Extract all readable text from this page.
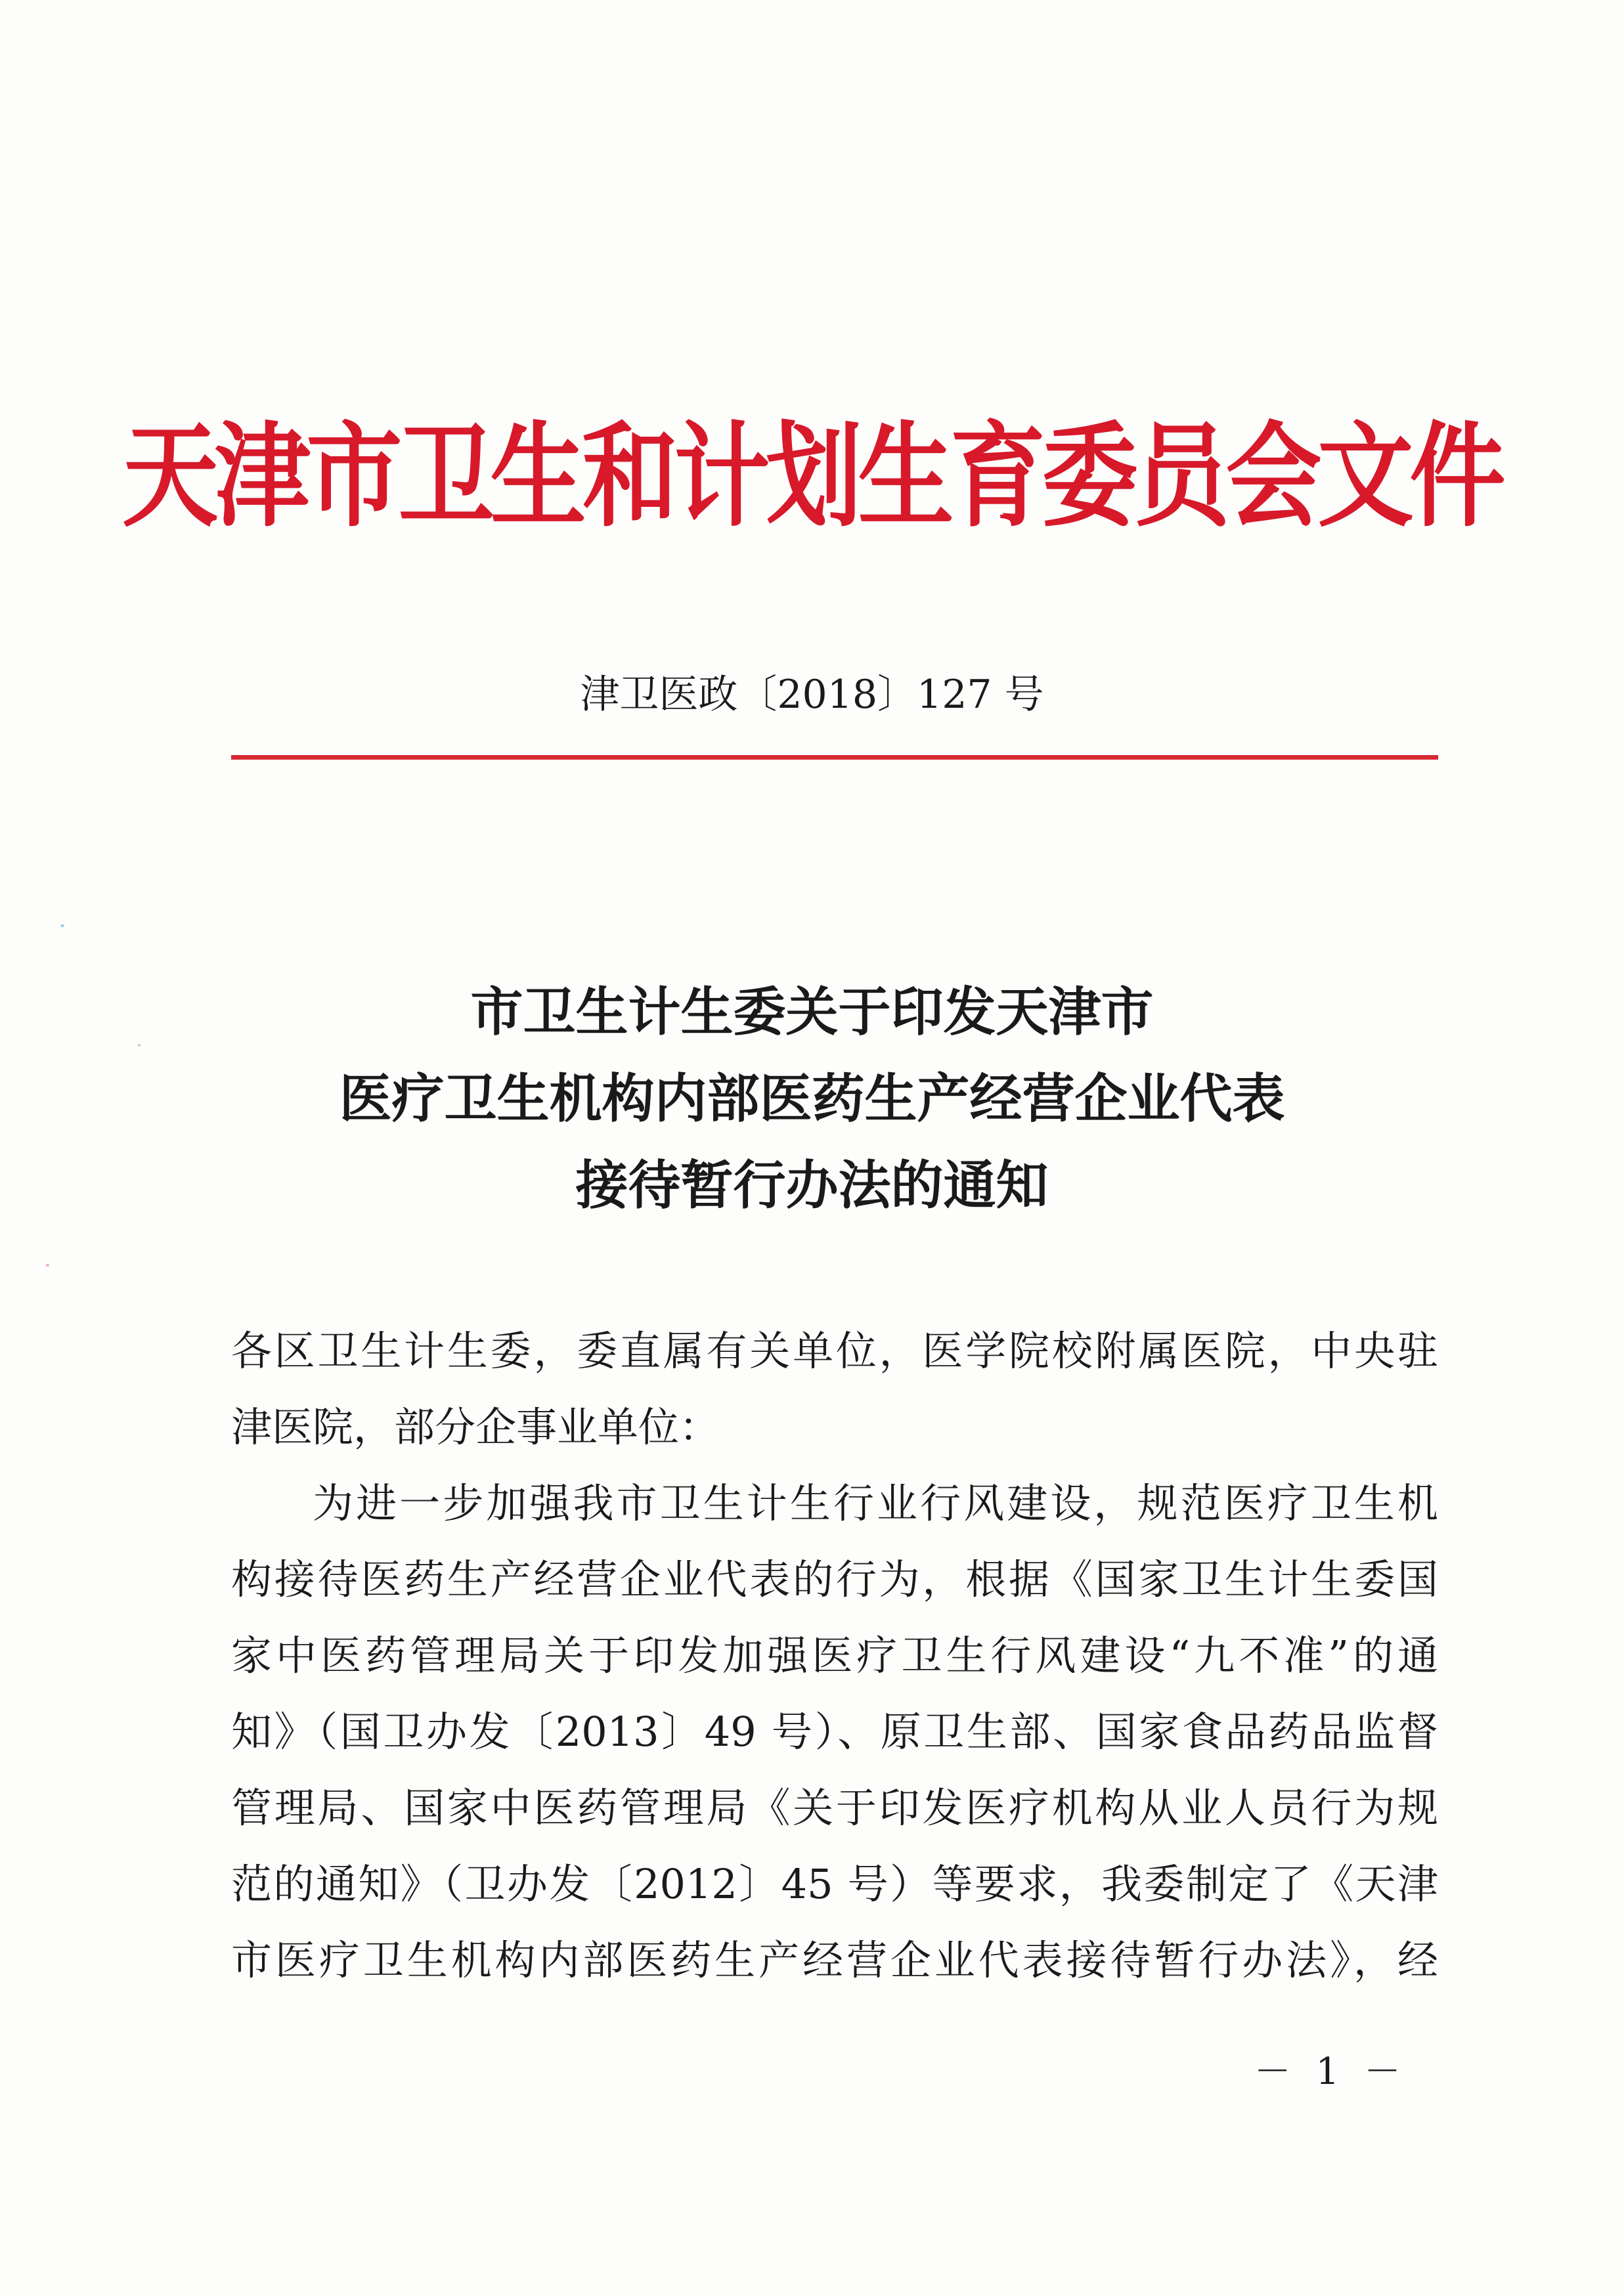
天津市卫生和计划生育委员会文件
津卫医政〔2018〕127 号
市卫生计生委关于印发天津市
医疗卫生机构内部医药生产经营企业代表
接待暂行办法的通知
各区卫生计生委，委直属有关单位，医学院校附属医院，中央驻
津医院，部分企事业单位：
为进一步加强我市卫生计生行业行风建设，规范医疗卫生机
构接待医药生产经营企业代表的行为，根据《国家卫生计生委国
家中医药管理局关于印发加强医疗卫生行风建设“九不准”的通
知》（国卫办发〔2013〕49 号）、原卫生部、国家食品药品监督
管理局、国家中医药管理局《关于印发医疗机构从业人员行为规
范的通知》（卫办发〔2012〕45 号）等要求，我委制定了《天津
市医疗卫生机构内部医药生产经营企业代表接待暂行办法》，经
－ 1 －
